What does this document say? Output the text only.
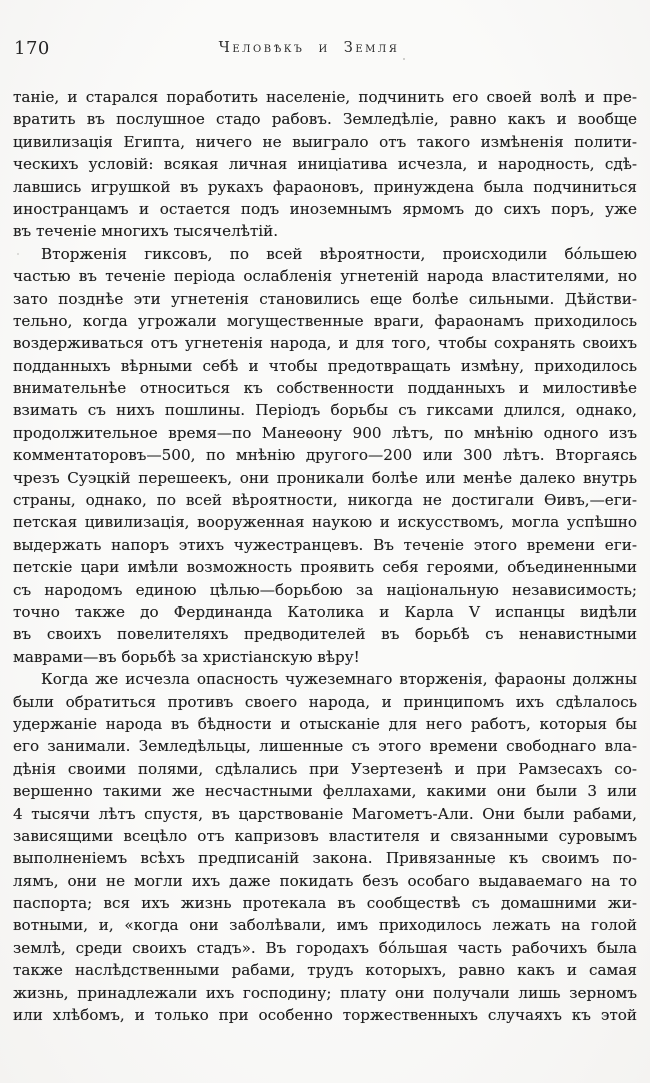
170	Человѣкъ и Земля
таніе, и старался поработить населеніе, подчинить его своей волѣ и пре-
вратить въ послушное стадо рабовъ. Земледѣліе, равно какъ и вообще
цивилизація Египта, ничего не выиграло отъ такого измѣненія полити-
ческихъ условій: всякая личная иниціатива исчезла, и народность, сдѣ-
лавшись игрушкой въ рукахъ фараоновъ, принуждена была подчиниться
иностранцамъ и остается подъ иноземнымъ ярмомъ до сихъ поръ, уже
въ теченіе многихъ тысячелѣтій.
Вторженія гиксовъ, по всей вѣроятности, происходили бо́льшею
частью въ теченіе періода ослабленія угнетеній народа властителями, но
зато позднѣе эти угнетенія становились еще болѣе сильными. Дѣйстви-
тельно, когда угрожали могущественные враги, фараонамъ приходилось
воздерживаться отъ угнетенія народа, и для того, чтобы сохранять своихъ
подданныхъ вѣрными себѣ и чтобы предотвращать измѣну, приходилось
внимательнѣе относиться къ собственности подданныхъ и милостивѣе
взимать съ нихъ пошлины. Періодъ борьбы съ гиксами длился, однако,
продолжительное время—по Манеѳону 900 лѣтъ, по мнѣнію одного изъ
комментаторовъ—500, по мнѣнію другого—200 или 300 лѣтъ. Вторгаясь
чрезъ Суэцкій перешеекъ, они проникали болѣе или менѣе далеко внутрь
страны, однако, по всей вѣроятности, никогда не достигали Ѳивъ,—еги-
петская цивилизація, вооруженная наукою и искусствомъ, могла успѣшно
выдержать напоръ этихъ чужестранцевъ. Въ теченіе этого времени еги-
петскіе цари имѣли возможность проявить себя героями, объединенными
съ народомъ единою цѣлью—борьбою за національную независимость;
точно также до Фердинанда Католика и Карла V испанцы видѣли
въ своихъ повелителяхъ предводителей въ борьбѣ съ ненавистными
маврами—въ борьбѣ за христіанскую вѣру!
Когда же исчезла опасность чужеземнаго вторженія, фараоны должны
были обратиться противъ своего народа, и принципомъ ихъ сдѣлалось
удержаніе народа въ бѣдности и отысканіе для него работъ, которыя бы
его занимали. Земледѣльцы, лишенные съ этого времени свободнаго вла-
дѣнія своими полями, сдѣлались при Узертезенѣ и при Рамзесахъ со-
вершенно такими же несчастными феллахами, какими они были 3 или
4 тысячи лѣтъ спустя, въ царствованіе Магометъ-Али. Они были рабами,
зависящими всецѣло отъ капризовъ властителя и связанными суровымъ
выполненіемъ всѣхъ предписаній закона. Привязанные къ своимъ по-
лямъ, они не могли ихъ даже покидать безъ особаго выдаваемаго на то
паспорта; вся ихъ жизнь протекала въ сообществѣ съ домашними жи-
вотными, и, «когда они заболѣвали, имъ приходилось лежать на голой
землѣ, среди своихъ стадъ». Въ городахъ бо́льшая часть рабочихъ была
также наслѣдственными рабами, трудъ которыхъ, равно какъ и самая
жизнь, принадлежали ихъ господину; плату они получали лишь зерномъ
или хлѣбомъ, и только при особенно торжественныхъ случаяхъ къ этой
